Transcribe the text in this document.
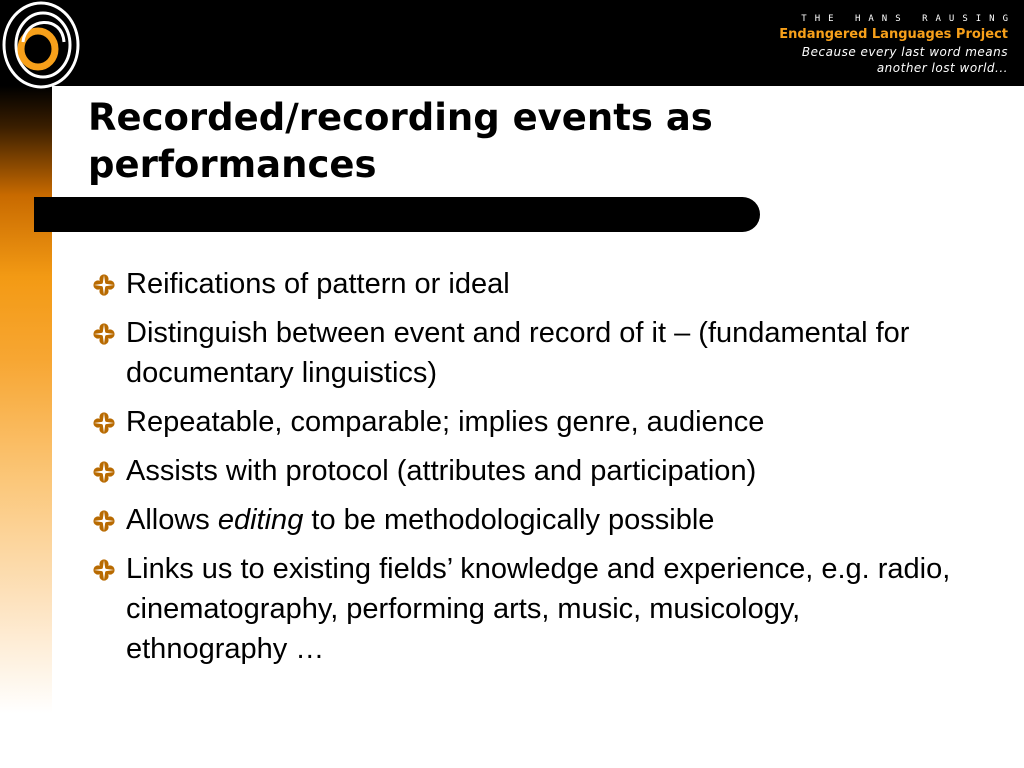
THE HANS RAUSING
Endangered Languages Project
Because every last word means
another lost world...
Recorded/recording events as
performances
Reifications of pattern or ideal
Distinguish between event and record of it – (fundamental for documentary linguistics)
Repeatable, comparable; implies genre, audience
Assists with protocol (attributes and participation)
Allows editing to be methodologically possible
Links us to existing fields’ knowledge and experience, e.g. radio, cinematography, performing arts, music, musicology, ethnography …
